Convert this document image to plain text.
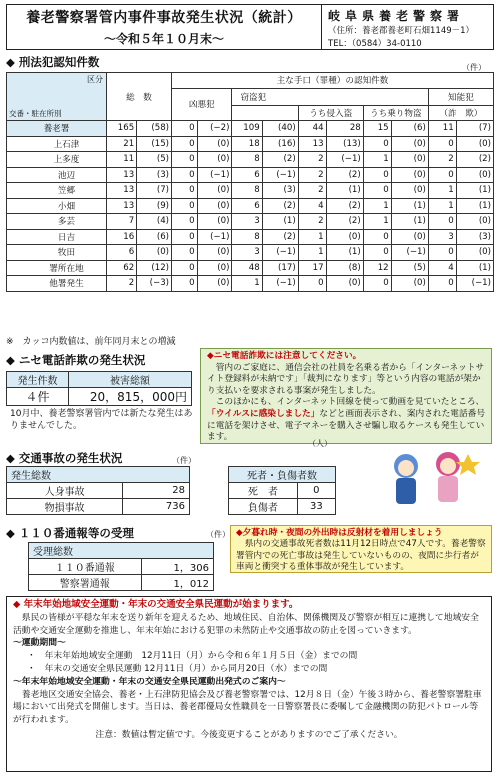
養老警察署管内事件事故発生状況（統計）
～令和５年１０月末～
岐阜県養老警察署
（住所：養老郡養老町石畑1149－1）
TEL：（0584）34-0110
◆ 刑法犯認知件数	（件）
区分
交番・駐在所別	総　数		主な手口（罪種）の認知件数									
			凶悪犯		窃盗犯						知能犯	
							うち侵入盗		うち乗り物盗		（詐　欺）	
養老署	165	(58)	0	(−2)	109	(40)	44	28	15	(6)	11	(7)
上石津	21	(15)	0	(0)	18	(16)	13	(13)	0	(0)	0	(0)
上多度	11	(5)	0	(0)	8	(2)	2	(−1)	1	(0)	2	(2)
池辺	13	(3)	0	(−1)	6	(−1)	2	(2)	0	(0)	0	(0)
笠郷	13	(7)	0	(0)	8	(3)	2	(1)	0	(0)	1	(1)
小畑	13	(9)	0	(0)	6	(2)	4	(2)	1	(1)	1	(1)
多芸	7	(4)	0	(0)	3	(1)	2	(2)	1	(1)	0	(0)
日吉	16	(6)	0	(−1)	8	(2)	1	(0)	0	(0)	3	(3)
牧田	6	(0)	0	(0)	3	(−1)	1	(1)	0	(−1)	0	(0)
署所在地	62	(12)	0	(0)	48	(17)	17	(8)	12	(5)	4	(1)
他署発生	2	(−3)	0	(0)	1	(−1)	0	(0)	0	(0)	0	(−1)
※　カッコ内数値は、前年同月末との増減
◆ ニセ電話詐欺の発生状況
発生件数	被害総額
４件	20，815，000円
10月中、養老警察署管内では新たな発生はありませんでした。
◆ニセ電話詐欺には注意してください。
管内のご家庭に、通信会社の社員を名乗る者から「インターネットサイト登録料が未納です」「裁判になります」等という内容の電話が架かり支払いを要求される事案が発生しました。
このほかにも、インターネット回線を使って動画を見ていたところ、「ウイルスに感染しました」などと画面表示され、案内された電話番号に電話を架けさせ、電子マネーを購入させ騙し取るケースも発生しています。
◆ 交通事故の発生状況	（件）
（人）
発生総数	
人身事故	28
物損事故	736
死者・負傷者数	
死　者	0
負傷者	33
◆ １１０番通報等の受理	（件）
受理総数	
１１０番通報	1，306
警察署通報	1，012
◆夕暮れ時・夜間の外出時は反射材を着用しましょう
県内の交通事故死者数は11月12日時点で47人です。養老警察署管内での死亡事故は発生していないものの、夜間に歩行者が車両と衝突する重体事故が発生しています。
◆ 年末年始地域安全運動・年末の交通安全県民運動が始まります。
県民の皆様が平穏な年末を送り新年を迎えるため、地域住民、自治体、関係機関及び警察が相互に連携して地域安全活動や交通安全運動を推進し、年末年始における犯罪の未然防止や交通事故の防止を図っていきます。
～運動期間～
・　年末年始地域安全運動　12月11日（月）から令和６年１月５日（金）までの間
・　年末の交通安全県民運動 12月11日（月）から同月20日（水）までの間
～年末年始地域安全運動・年末の交通安全県民運動出発式のご案内～
養老地区交通安全協会、養老・上石津防犯協会及び養老警察署では、12月８日（金）午後３時から、養老警察署駐車場において出発式を開催します。当日は、養老郡優局女性職員を一日警察署長に委嘱して金融機関の防犯パトロール等が行われます。
注意：数値は暫定値です。今後変更することがありますのでご了承ください。
